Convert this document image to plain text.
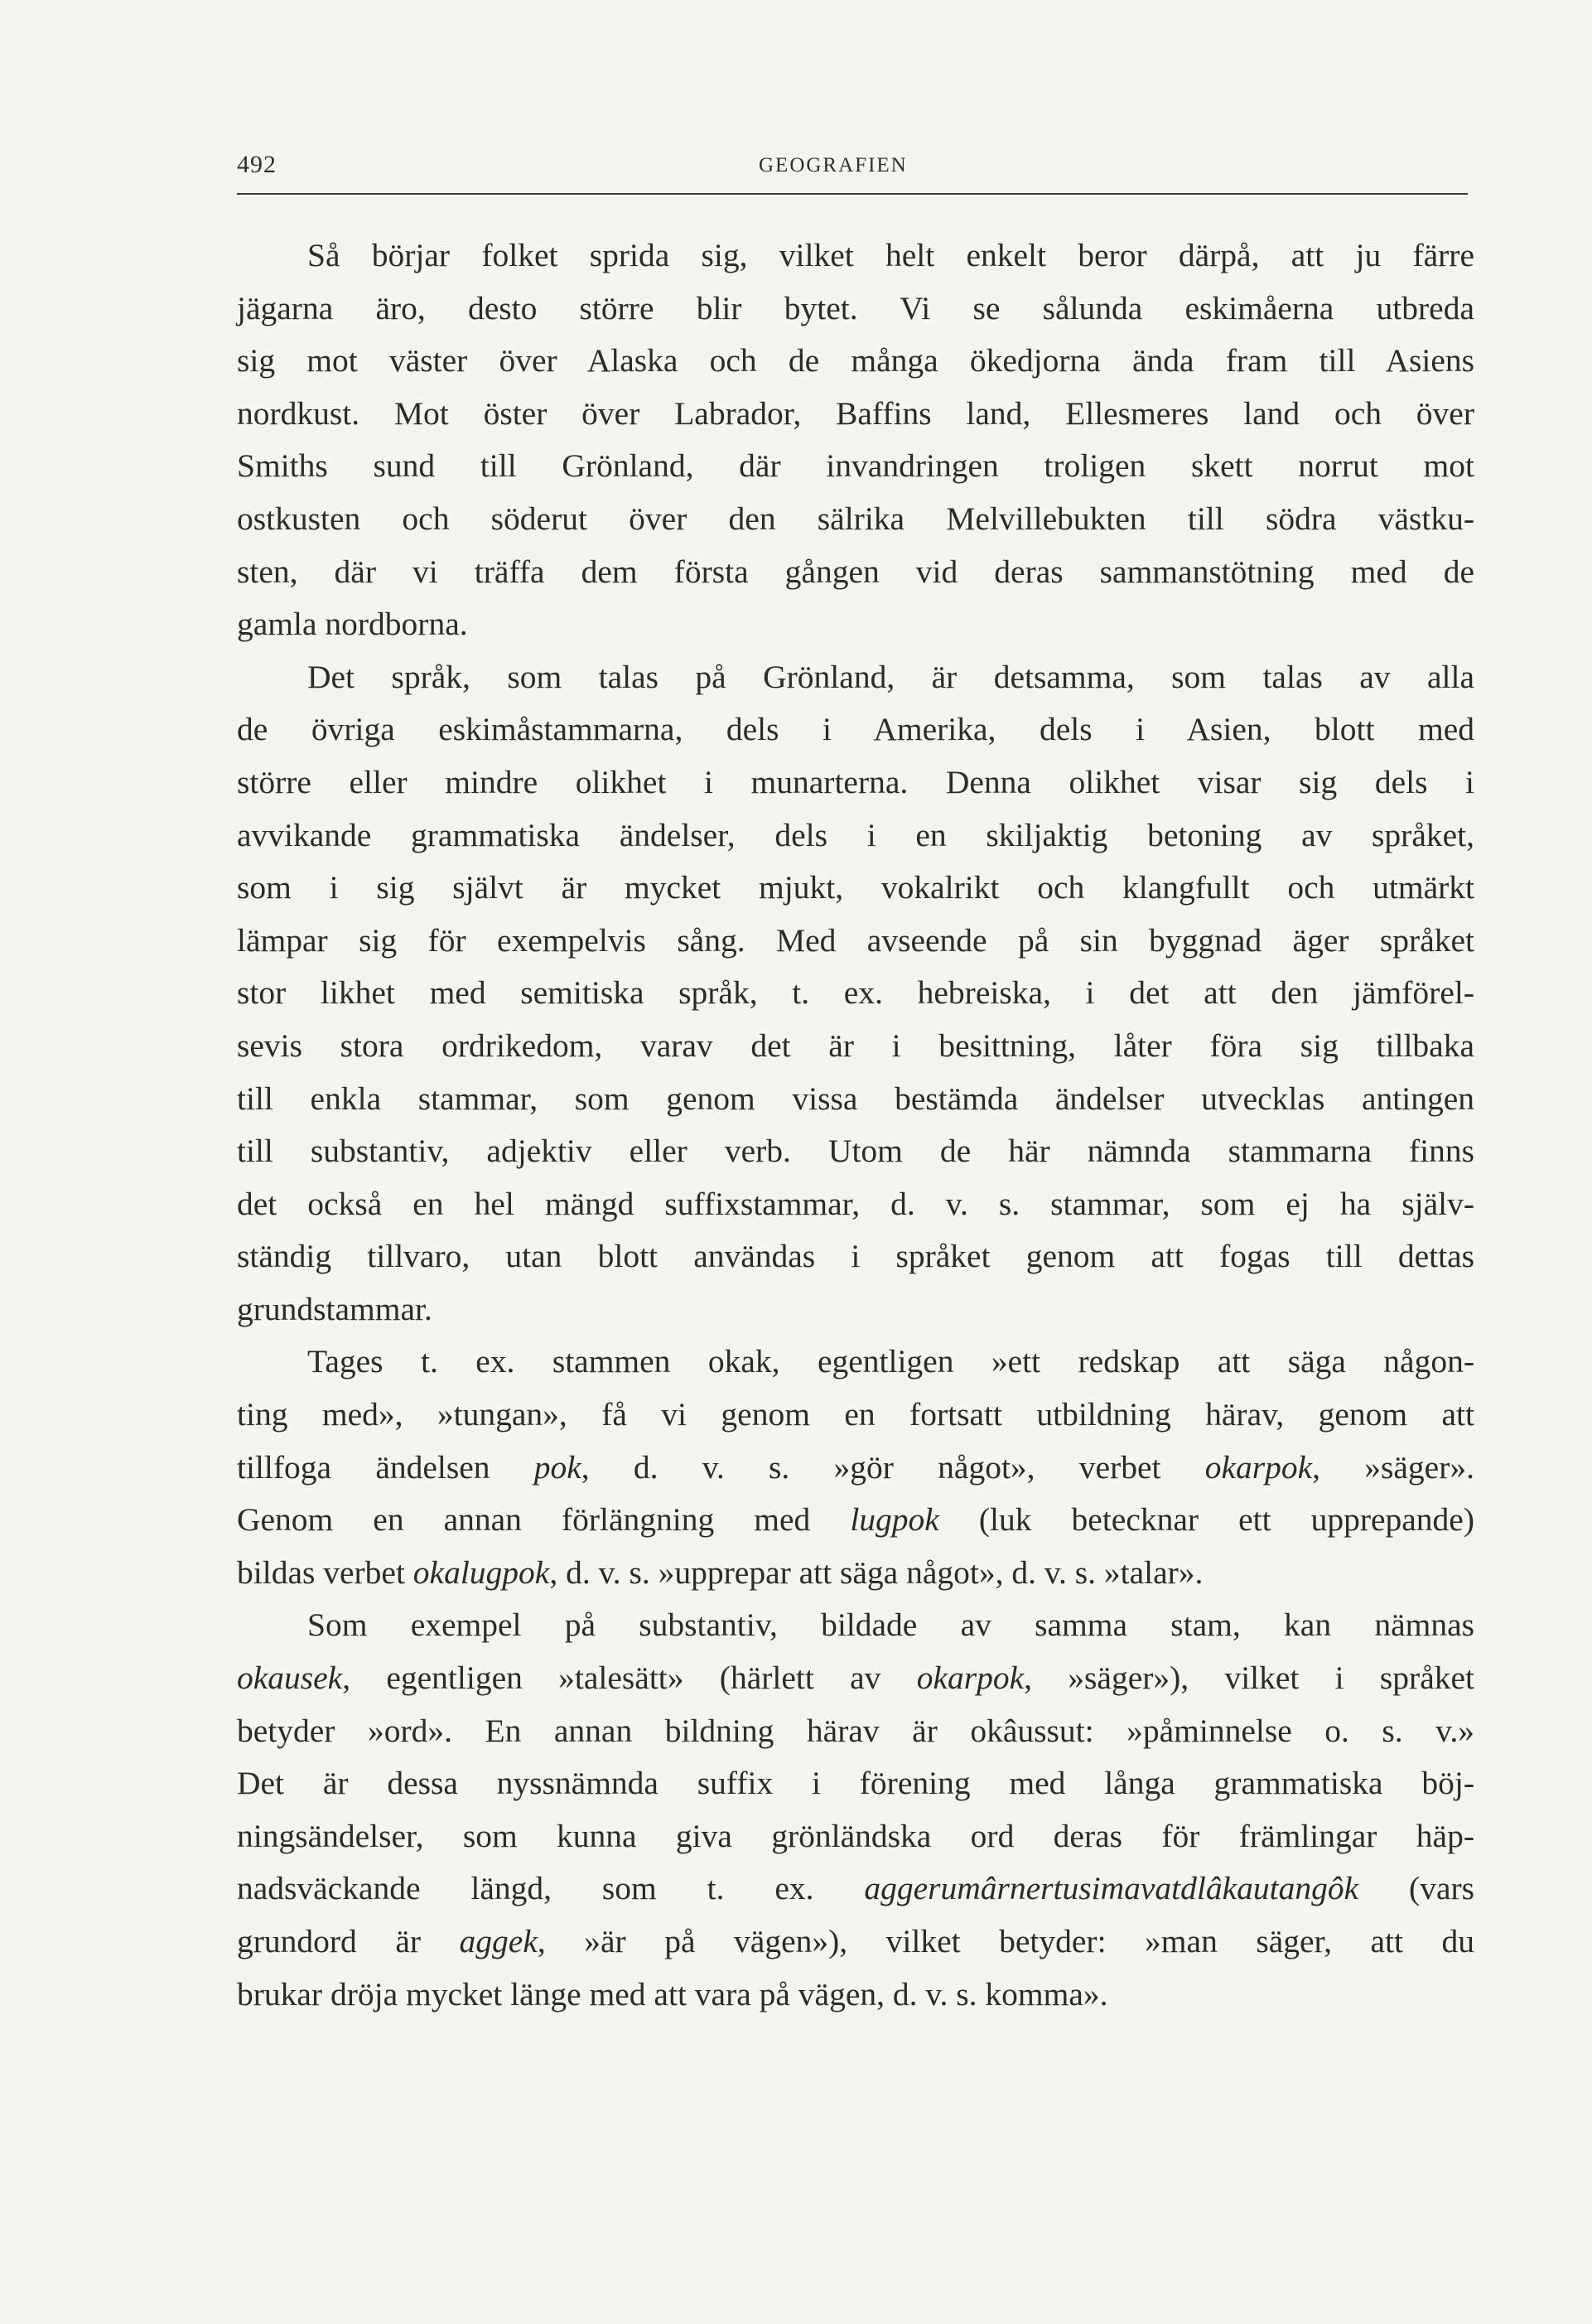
492	GEOGRAFIEN
Så börjar folket sprida sig, vilket helt enkelt beror därpå, att ju färre
jägarna äro, desto större blir bytet. Vi se sålunda eskimåerna utbreda
sig mot väster över Alaska och de många ökedjorna ända fram till Asiens
nordkust. Mot öster över Labrador, Baffins land, Ellesmeres land och över
Smiths sund till Grönland, där invandringen troligen skett norrut mot
ostkusten och söderut över den sälrika Melvillebukten till södra västku-
sten, där vi träffa dem första gången vid deras sammanstötning med de
gamla nordborna.
Det språk, som talas på Grönland, är detsamma, som talas av alla
de övriga eskimåstammarna, dels i Amerika, dels i Asien, blott med
större eller mindre olikhet i munarterna. Denna olikhet visar sig dels i
avvikande grammatiska ändelser, dels i en skiljaktig betoning av språket,
som i sig självt är mycket mjukt, vokalrikt och klangfullt och utmärkt
lämpar sig för exempelvis sång. Med avseende på sin byggnad äger språket
stor likhet med semitiska språk, t. ex. hebreiska, i det att den jämförel-
sevis stora ordrikedom, varav det är i besittning, låter föra sig tillbaka
till enkla stammar, som genom vissa bestämda ändelser utvecklas antingen
till substantiv, adjektiv eller verb. Utom de här nämnda stammarna finns
det också en hel mängd suffixstammar, d. v. s. stammar, som ej ha själv-
ständig tillvaro, utan blott användas i språket genom att fogas till dettas
grundstammar.
Tages t. ex. stammen okak, egentligen »ett redskap att säga någon-
ting med», »tungan», få vi genom en fortsatt utbildning härav, genom att
tillfoga ändelsen pok, d. v. s. »gör något», verbet okarpok, »säger».
Genom en annan förlängning med lugpok (luk betecknar ett upprepande)
bildas verbet okalugpok, d. v. s. »upprepar att säga något», d. v. s. »talar».
Som exempel på substantiv, bildade av samma stam, kan nämnas
okausek, egentligen »talesätt» (härlett av okarpok, »säger»), vilket i språket
betyder »ord». En annan bildning härav är okâussut: »påminnelse o. s. v.»
Det är dessa nyssnämnda suffix i förening med långa grammatiska böj-
ningsändelser, som kunna giva grönländska ord deras för främlingar häp-
nadsväckande längd, som t. ex. aggerumârnertusimavatdlâkautangôk (vars
grundord är aggek, »är på vägen»), vilket betyder: »man säger, att du
brukar dröja mycket länge med att vara på vägen, d. v. s. komma».
